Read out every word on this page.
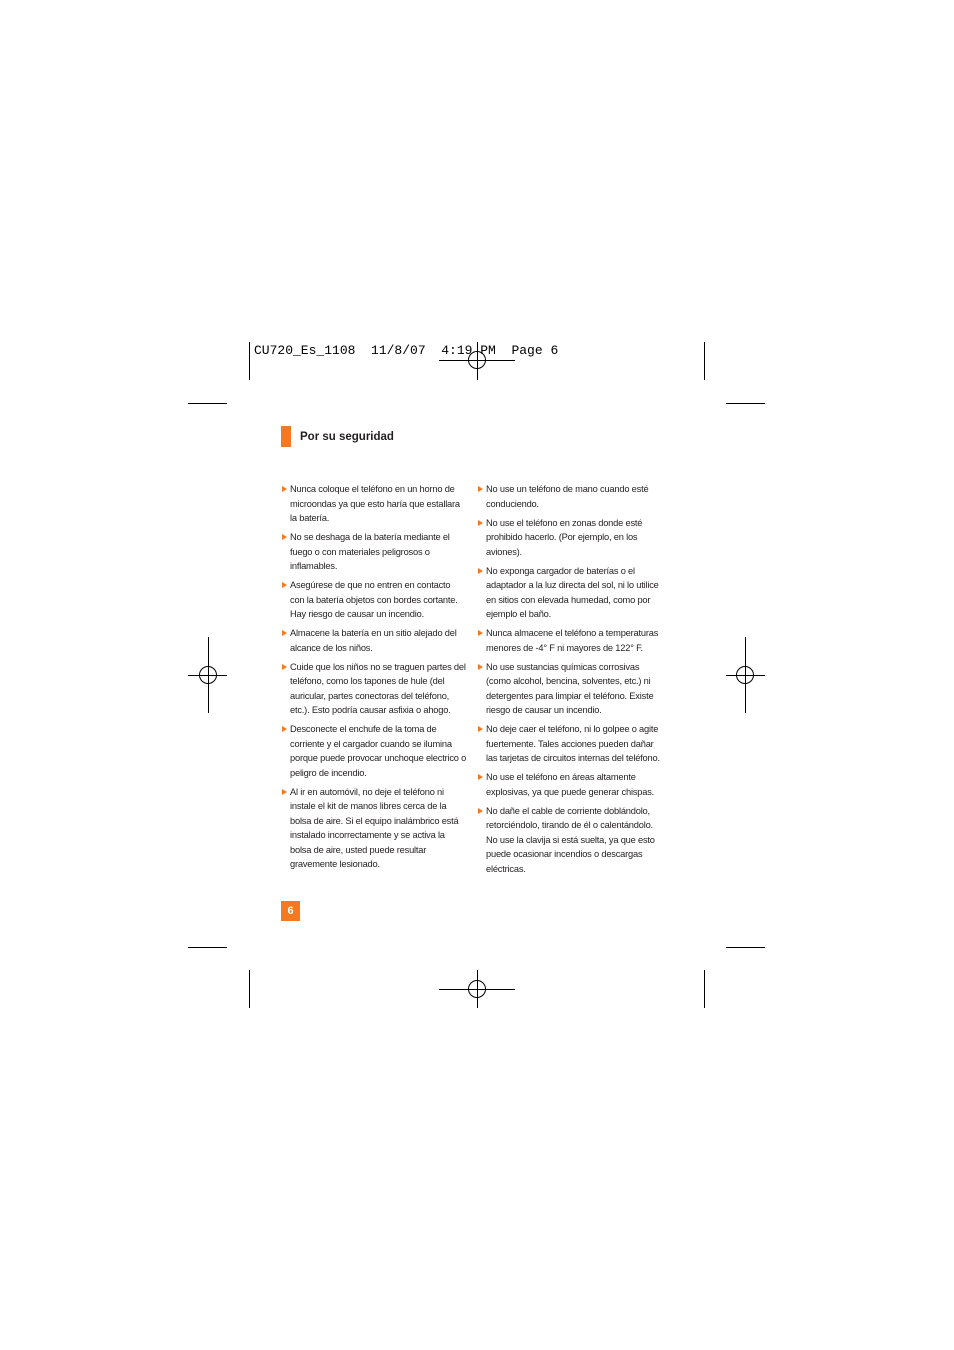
CU720_Es_1108  11/8/07  4:19 PM  Page 6
Por su seguridad
Nunca coloque el teléfono en un horno de microondas ya que esto haría que estallara la batería.
No se deshaga de la batería mediante el fuego o con materiales peligrosos o inflamables.
Asegúrese de que no entren en contacto con la batería objetos con bordes cortante. Hay riesgo de causar un incendio.
Almacene la batería en un sitio alejado del alcance de los niños.
Cuide que los niños no se traguen partes del teléfono, como los tapones de hule (del auricular, partes conectoras del teléfono, etc.). Esto podría causar asfixia o ahogo.
Desconecte el enchufe de la toma de corriente y el cargador cuando se ilumina porque puede provocar unchoque electrico o peligro de incendio.
Al ir en automóvil, no deje el teléfono ni instale el kit de manos libres cerca de la bolsa de aire. Si el equipo inalámbrico está instalado incorrectamente y se activa la bolsa de aire, usted puede resultar gravemente lesionado.
No use un teléfono de mano cuando esté conduciendo.
No use el teléfono en zonas donde esté prohibido hacerlo. (Por ejemplo, en los aviones).
No exponga cargador de baterías o el adaptador a la luz directa del sol, ni lo utilice en sitios con elevada humedad, como por ejemplo el baño.
Nunca almacene el teléfono a temperaturas menores de -4° F ni mayores de 122° F.
No use sustancias químicas corrosivas (como alcohol, bencina, solventes, etc.) ni detergentes para limpiar el teléfono. Existe riesgo de causar un incendio.
No deje caer el teléfono, ni lo golpee o agite fuertemente. Tales acciones pueden dañar las tarjetas de circuitos internas del teléfono.
No use el teléfono en áreas altamente explosivas, ya que puede generar chispas.
No dañe el cable de corriente doblándolo, retorciéndolo, tirando de él o calentándolo. No use la clavija si está suelta, ya que esto puede ocasionar incendios o descargas eléctricas.
6
